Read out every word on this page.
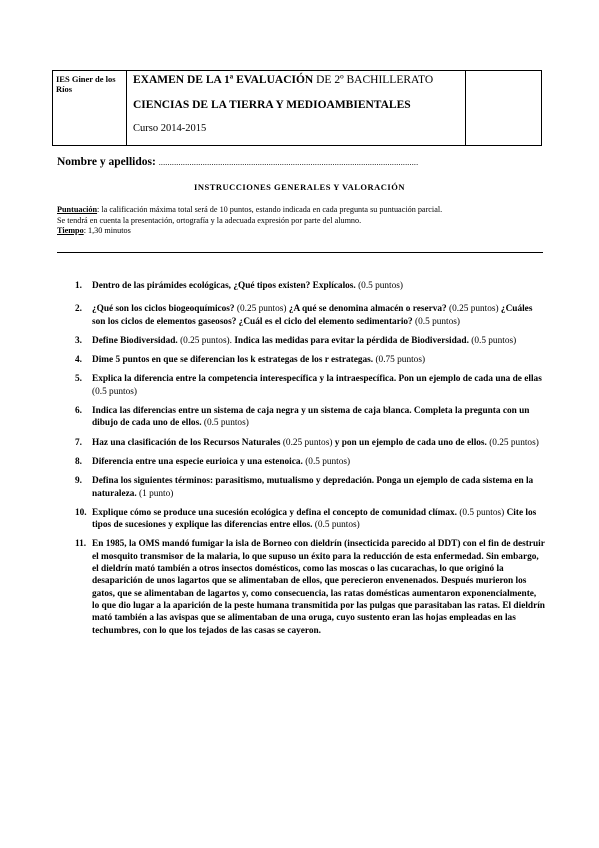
IES Giner de los Ríos
EXAMEN DE LA 1ª EVALUACIÓN DE 2º BACHILLERATO
CIENCIAS DE LA TIERRA Y MEDIOAMBIENTALES
Curso 2014-2015
Nombre y apellidos: ......................................................................................................................
INSTRUCCIONES GENERALES Y VALORACIÓN
Puntuación: la calificación máxima total será de 10 puntos, estando indicada en cada pregunta su puntuación parcial.
Se tendrá en cuenta la presentación, ortografía y la adecuada expresión por parte del alumno.
Tiempo: 1,30 minutos
1. Dentro de las pirámides ecológicas, ¿Qué tipos existen? Explícalos. (0.5 puntos)
2. ¿Qué son los ciclos biogeoquímicos? (0.25 puntos) ¿A qué se denomina almacén o reserva? (0.25 puntos) ¿Cuáles son los ciclos de elementos gaseosos? ¿Cuál es el ciclo del elemento sedimentario? (0.5 puntos)
3. Define Biodiversidad. (0.25 puntos). Indica las medidas para evitar la pérdida de Biodiversidad. (0.5 puntos)
4. Dime 5 puntos en que se diferencian los k estrategas de los r estrategas. (0.75 puntos)
5. Explica la diferencia entre la competencia interespecífica y la intraespecífica. Pon un ejemplo de cada una de ellas (0.5 puntos)
6. Indica las diferencias entre un sistema de caja negra y un sistema de caja blanca. Completa la pregunta con un dibujo de cada uno de ellos. (0.5 puntos)
7. Haz una clasificación de los Recursos Naturales (0.25 puntos) y pon un ejemplo de cada uno de ellos. (0.25 puntos)
8. Diferencia entre una especie eurioica y una estenoica. (0.5 puntos)
9. Defina los siguientes términos: parasitismo, mutualismo y depredación. Ponga un ejemplo de cada sistema en la naturaleza. (1 punto)
10. Explique cómo se produce una sucesión ecológica y defina el concepto de comunidad clímax. (0.5 puntos) Cite los tipos de sucesiones y explique las diferencias entre ellos. (0.5 puntos)
11. En 1985, la OMS mandó fumigar la isla de Borneo con dieldrín (insecticida parecido al DDT) con el fin de destruir el mosquito transmisor de la malaria, lo que supuso un éxito para la reducción de esta enfermedad. Sin embargo, el dieldrín mató también a otros insectos domésticos, como las moscas o las cucarachas, lo que originó la desaparición de unos lagartos que se alimentaban de ellos, que perecieron envenenados. Después murieron los gatos, que se alimentaban de lagartos y, como consecuencia, las ratas domésticas aumentaron exponencialmente, lo que dio lugar a la aparición de la peste humana transmitida por las pulgas que parasitaban las ratas. El dieldrín mató también a las avispas que se alimentaban de una oruga, cuyo sustento eran las hojas empleadas en las techumbres, con lo que los tejados de las casas se cayeron.
